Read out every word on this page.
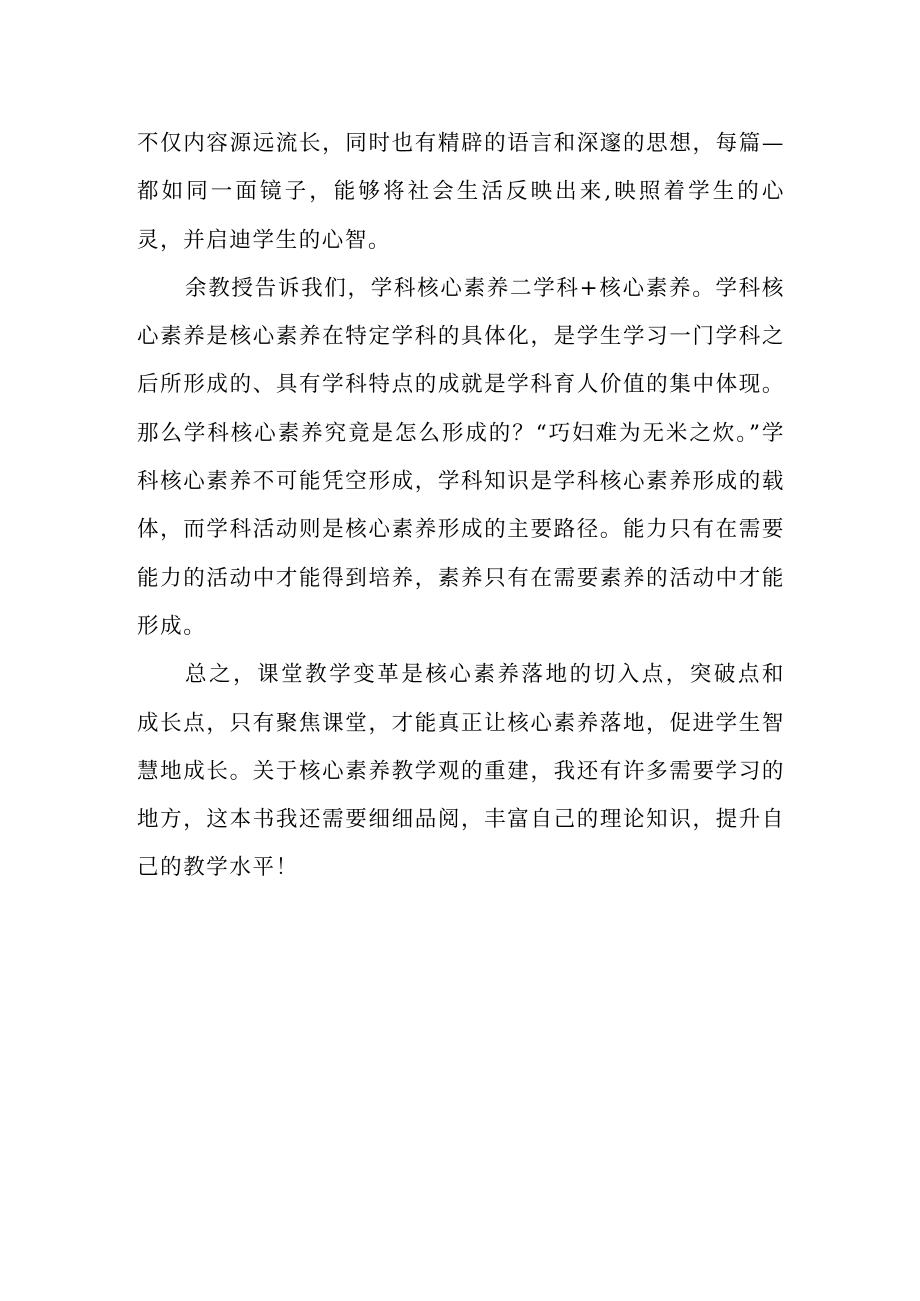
不仅内容源远流长，同时也有精辟的语言和深邃的思想，每篇—都如同一面镜子，能够将社会生活反映出来,映照着学生的心灵，并启迪学生的心智。

余教授告诉我们，学科核心素养二学科+核心素养。学科核心素养是核心素养在特定学科的具体化，是学生学习一门学科之后所形成的、具有学科特点的成就是学科育人价值的集中体现。那么学科核心素养究竟是怎么形成的？“巧妇难为无米之炊。”学科核心素养不可能凭空形成，学科知识是学科核心素养形成的载体，而学科活动则是核心素养形成的主要路径。能力只有在需要能力的活动中才能得到培养，素养只有在需要素养的活动中才能形成。

总之，课堂教学变革是核心素养落地的切入点，突破点和成长点，只有聚焦课堂，才能真正让核心素养落地，促进学生智慧地成长。关于核心素养教学观的重建，我还有许多需要学习的地方，这本书我还需要细细品阅，丰富自己的理论知识，提升自己的教学水平！
